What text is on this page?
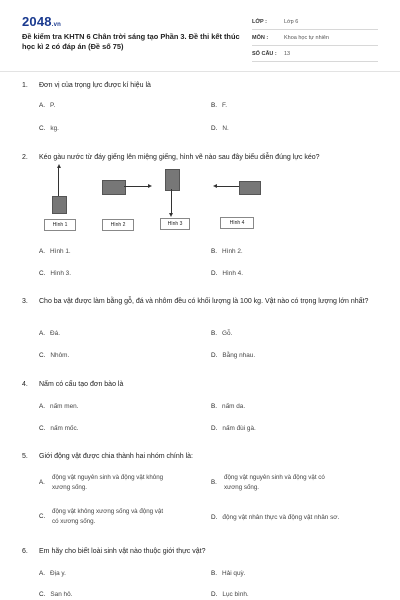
2048.vn
Đề kiểm tra KHTN 6 Chân trời sáng tạo Phần 3. Đề thi kết thúc học kì 2 có đáp án (Đề số 75)
LỚP :	Lớp 6
MÔN :	Khoa học tự nhiên
SỐ CÂU :	13
1. Đơn vị của trọng lực được kí hiệu là
A. P.	B. F.
C. kg.	D. N.
2. Kéo gàu nước từ đáy giếng lên miệng giếng, hình vẽ nào sau đây biểu diễn đúng lực kéo?
Hình 1	Hình 2	Hình 3	Hình 4
A. Hình 1.	B. Hình 2.
C. Hình 3.	D. Hình 4.
3. Cho ba vật được làm bằng gỗ, đá và nhôm đều có khối lượng là 100 kg. Vật nào có trọng lượng lớn nhất?
A. Đá.	B. Gỗ.
C. Nhôm.	D. Bằng nhau.
4. Nấm có cấu tạo đơn bào là
A. nấm men.	B. nấm da.
C. nấm mốc.	D. nấm đùi gà.
5. Giới động vật được chia thành hai nhóm chính là:
A.
động vật nguyên sinh và động vật không
xương sống.
B.
động vật nguyên sinh và động vật có
xương sống.
C.
động vật không xương sống và động vật
có xương sống.
D. động vật nhân thực và động vật nhân sơ.
6. Em hãy cho biết loài sinh vật nào thuộc giới thực vật?
A. Địa y.	B. Hải quỳ.
C. San hô.	D. Lục bình.
